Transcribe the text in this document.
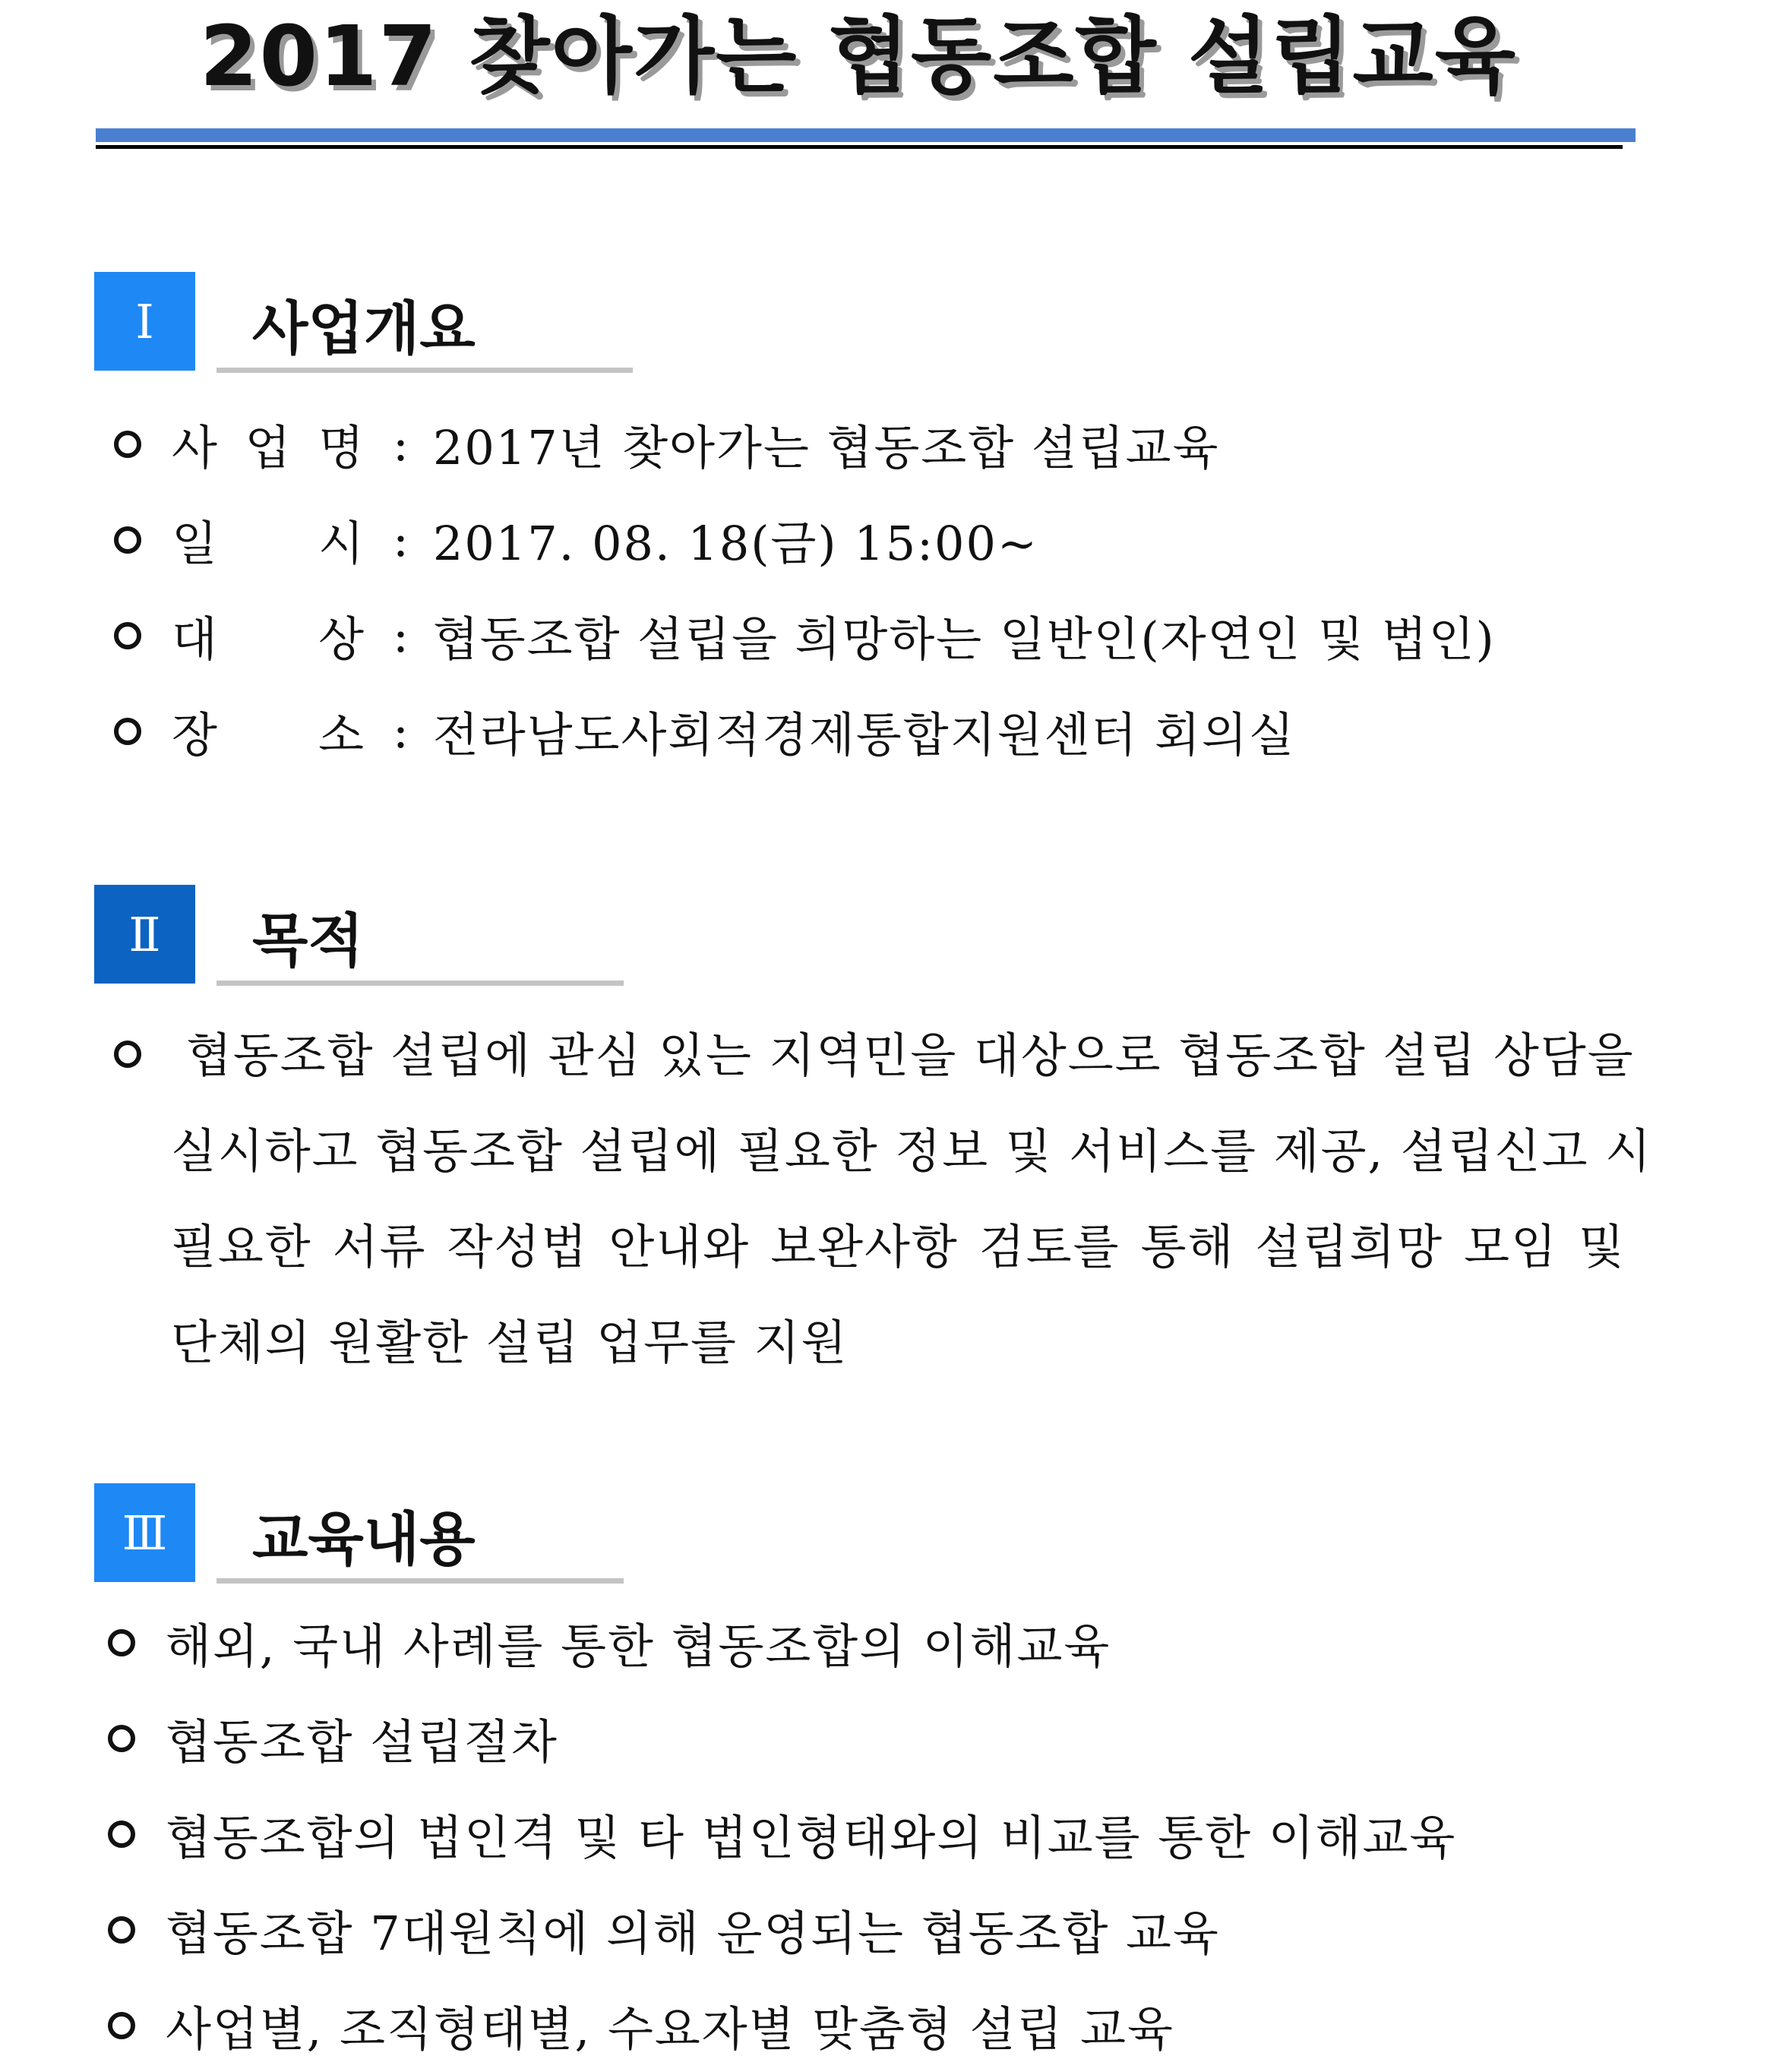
2017 찾아가는 협동조합 설립교육
Ⅰ 사업개요
사 업 명 : 2017년 찾아가는 협동조합 설립교육
일 시 : 2017. 08. 18(금) 15:00~
대 상 : 협동조합 설립을 희망하는 일반인(자연인 및 법인)
장 소 : 전라남도사회적경제통합지원센터 회의실
Ⅱ 목적
협동조합 설립에 관심 있는 지역민을 대상으로 협동조합 설립 상담을
실시하고 협동조합 설립에 필요한 정보 및 서비스를 제공, 설립신고 시
필요한 서류 작성법 안내와 보완사항 검토를 통해 설립희망 모임 및
단체의 원활한 설립 업무를 지원
Ⅲ 교육내용
해외, 국내 사례를 통한 협동조합의 이해교육
협동조합 설립절차
협동조합의 법인격 및 타 법인형태와의 비교를 통한 이해교육
협동조합 7대원칙에 의해 운영되는 협동조합 교육
사업별, 조직형태별, 수요자별 맞춤형 설립 교육
